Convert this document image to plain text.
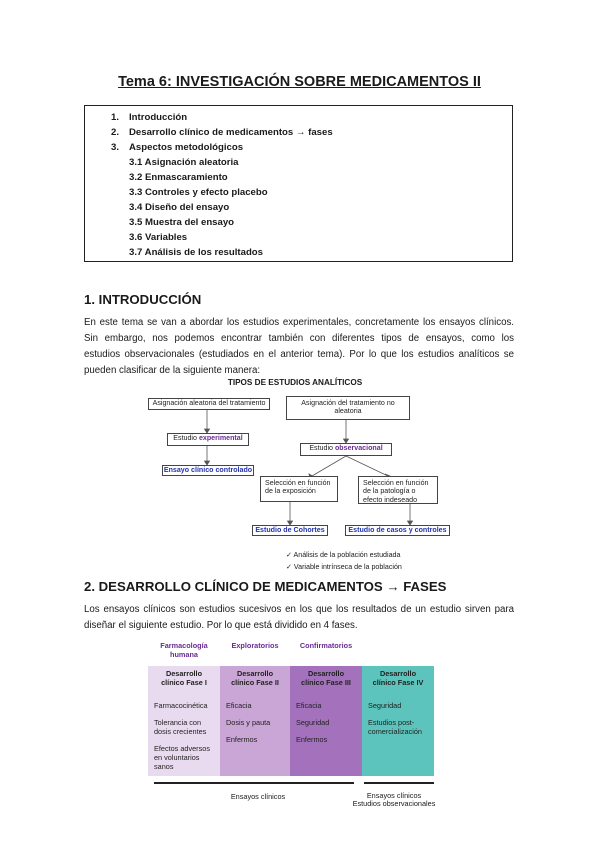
Tema 6: INVESTIGACIÓN SOBRE MEDICAMENTOS II
1. Introducción
2. Desarrollo clínico de medicamentos → fases
3. Aspectos metodológicos
3.1 Asignación aleatoria
3.2 Enmascaramiento
3.3 Controles y efecto placebo
3.4 Diseño del ensayo
3.5 Muestra del ensayo
3.6 Variables
3.7 Análisis de los resultados
1. INTRODUCCIÓN
En este tema se van a abordar los estudios experimentales, concretamente los ensayos clínicos.
Sin embargo, nos podemos encontrar también con diferentes tipos de ensayos, como los
estudios observacionales (estudiados en el anterior tema). Por lo que los estudios analíticos se
pueden clasificar de la siguiente manera:
TIPOS DE ESTUDIOS ANALÍTICOS
Asignación aleatoria del tratamiento	Asignación del tratamiento no aleatoria
Estudio experimental
Ensayo clínico controlado
Estudio observacional
Selección en función de la exposición
Selección en función de la patología o efecto indeseado
Estudio de Cohortes	Estudio de casos y controles
✓ Análisis de la población estudiada
✓ Variable intrínseca de la población
2. DESARROLLO CLÍNICO DE MEDICAMENTOS → FASES
Los ensayos clínicos son estudios sucesivos en los que los resultados de un estudio sirven para
diseñar el siguiente estudio. Por lo que está dividido en 4 fases.
Farmacología humana
Exploratorios	Confirmatorios
Desarrollo clínico Fase I
Farmacocinética
Tolerancia con dosis crecientes
Efectos adversos en voluntarios sanos
Desarrollo clínico Fase II
Eficacia
Dosis y pauta
Enfermos
Desarrollo clínico Fase III
Eficacia
Seguridad
Enfermos
Desarrollo clínico Fase IV
Seguridad
Estudios post-comercialización
Ensayos clínicos	Ensayos clínicos
Estudios observacionales
